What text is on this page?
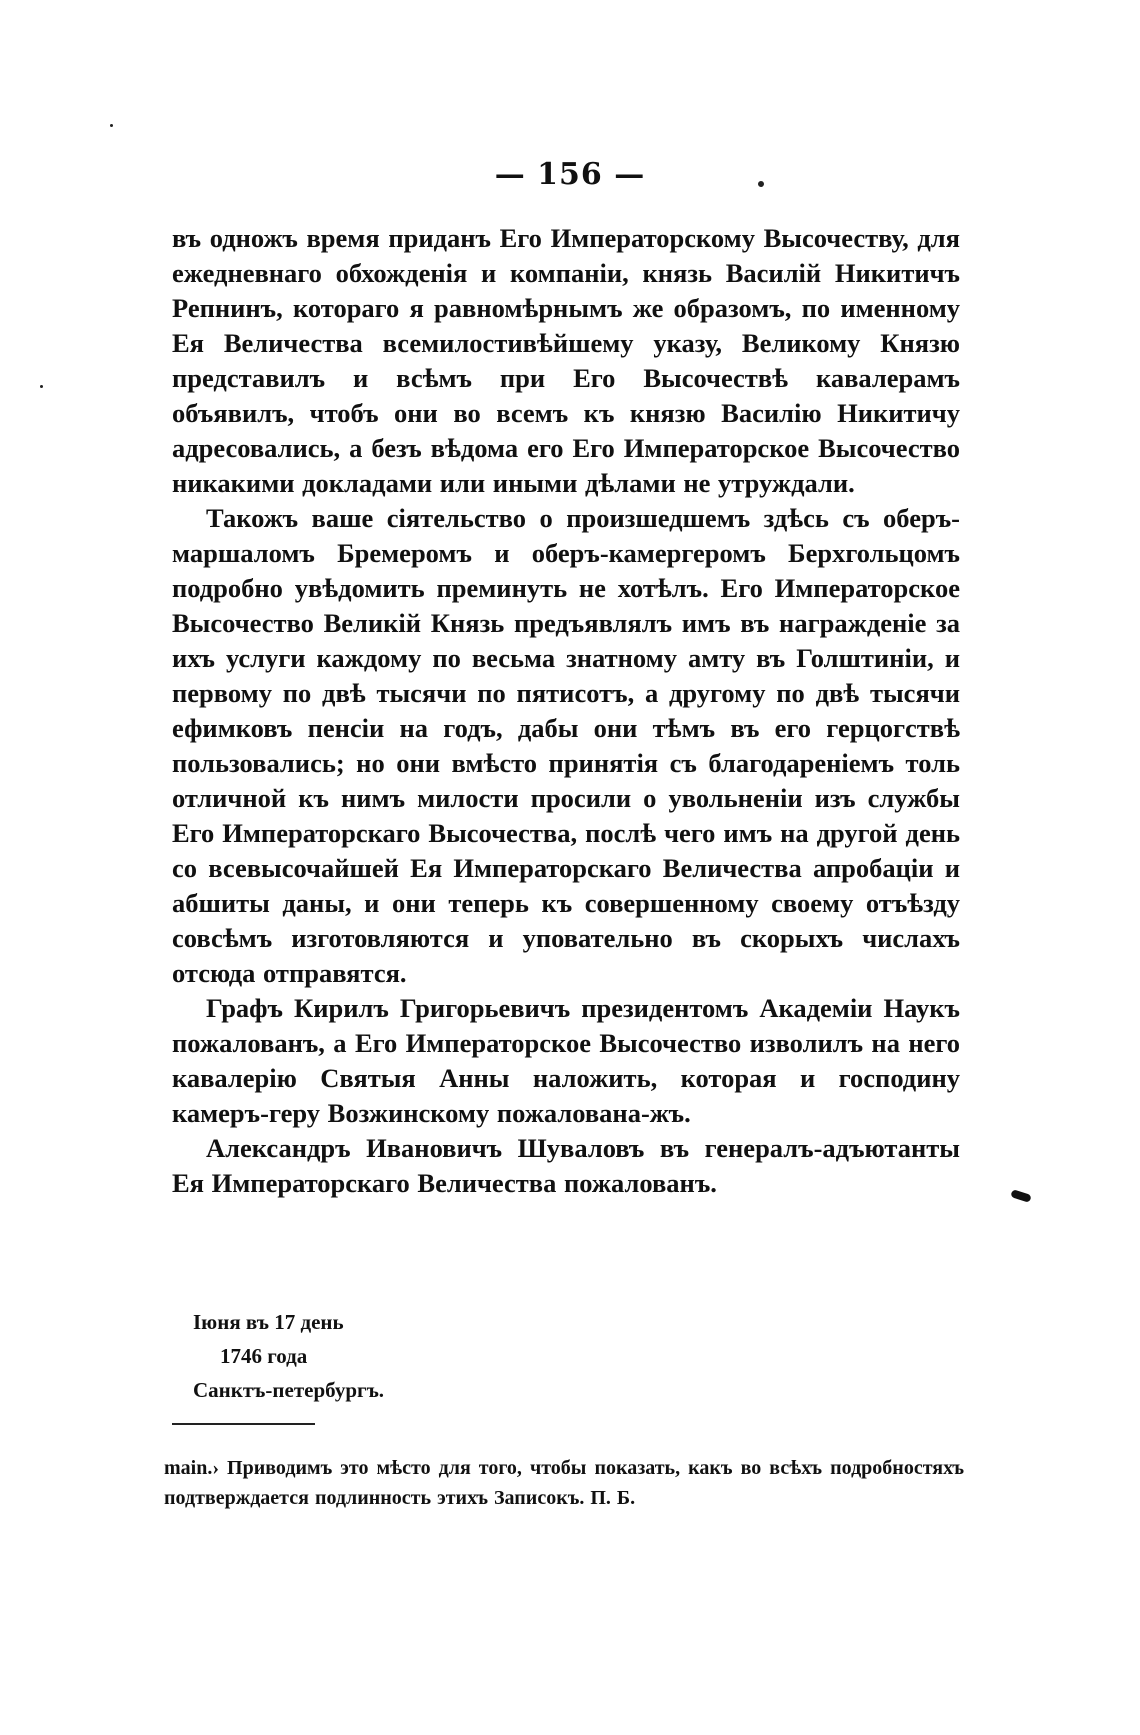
— 156 —

въ одножъ время приданъ Его Императорскому Высочеству, для ежедневнаго обхожденія и компаніи, князь Василій Никитичъ Репнинъ, котораго я равномѣрнымъ же образомъ, по именному Ея Величества всемилостивѣйшему указу, Великому Князю представилъ и всѣмъ при Его Высочествѣ кавалерамъ объявилъ, чтобъ они во всемъ къ князю Василію Никитичу адресовались, а безъ вѣдома его Его Императорское Высочество никакими докладами или иными дѣлами не утруждали.

Такожъ ваше сіятельство о произшедшемъ здѣсь съ оберъ-маршаломъ Бремеромъ и оберъ-камергеромъ Берхгольцомъ подробно увѣдомить преминуть не хотѣлъ. Его Императорское Высочество Великій Князь предъявлялъ имъ въ награжденіе за ихъ услуги каждому по весьма знатному амту въ Голштиніи, и первому по двѣ тысячи по пятисотъ, а другому по двѣ тысячи ефимковъ пенсіи на годъ, дабы они тѣмъ въ его герцогствѣ пользовались; но они вмѣсто принятія съ благодареніемъ толь отличной къ нимъ милости просили о увольненіи изъ службы Его Императорскаго Высочества, послѣ чего имъ на другой день со всевысочайшей Ея Императорскаго Величества апробаціи и абшиты даны, и они теперь къ совершенному своему отъѣзду совсѣмъ изготовляются и уповательно въ скорыхъ числахъ отсюда отправятся.

Графъ Кирилъ Григорьевичъ президентомъ Академіи Наукъ пожалованъ, а Его Императорское Высочество изволилъ на него кавалерію Святыя Анны наложить, которая и господину камеръ-геру Возжинскому пожалована-жъ.

Александръ Ивановичъ Шуваловъ въ генералъ-адъютанты Ея Императорскаго Величества пожалованъ.

Іюня въ 17 день
1746 года
Санктъ-петербургъ.
main.› Приводимъ это мѣсто для того, чтобы показать, какъ во всѣхъ подробностяхъ подтверждается подлинность этихъ Записокъ. П. Б.
